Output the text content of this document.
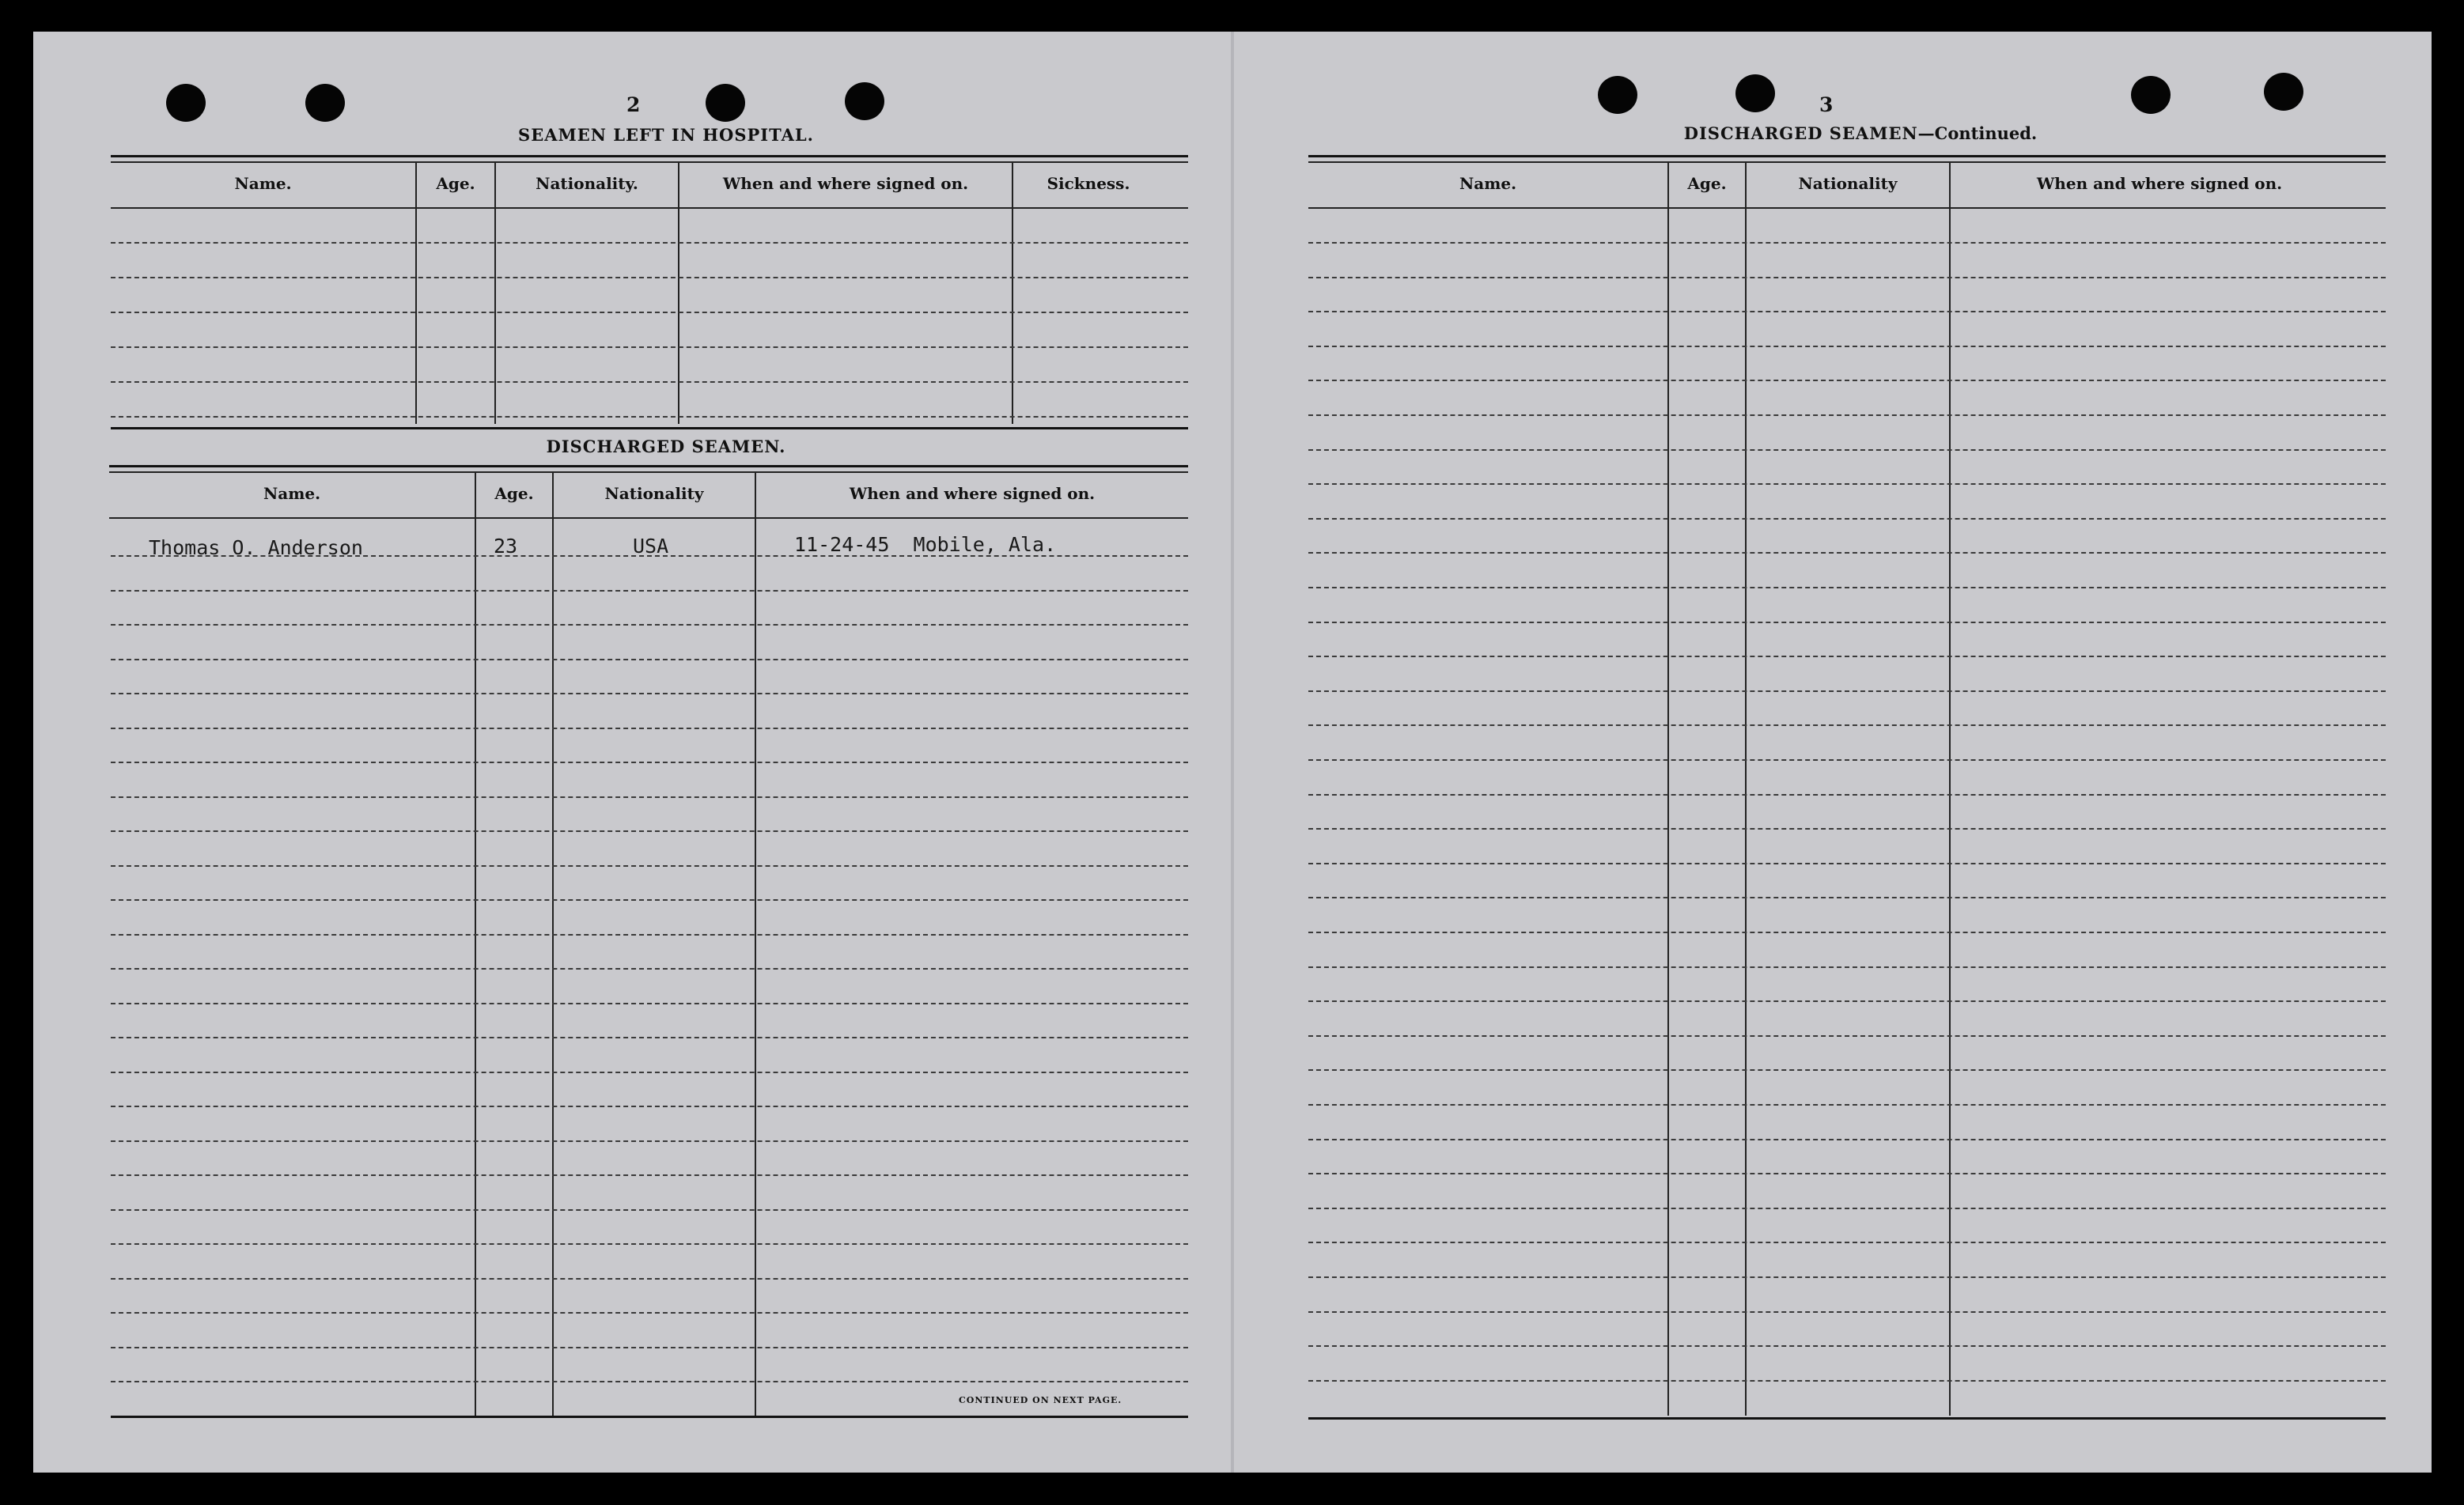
2
SEAMEN LEFT IN HOSPITAL.
Name.	Age.	Nationality.	When and where signed on.	Sickness.
DISCHARGED SEAMEN.
Name.	Age.	Nationality	When and where signed on.
Thomas O. Anderson	23	USA	11-24-45  Mobile, Ala.
CONTINUED ON NEXT PAGE.
3
DISCHARGED SEAMEN—Continued.
Name.	Age.	Nationality	When and where signed on.
